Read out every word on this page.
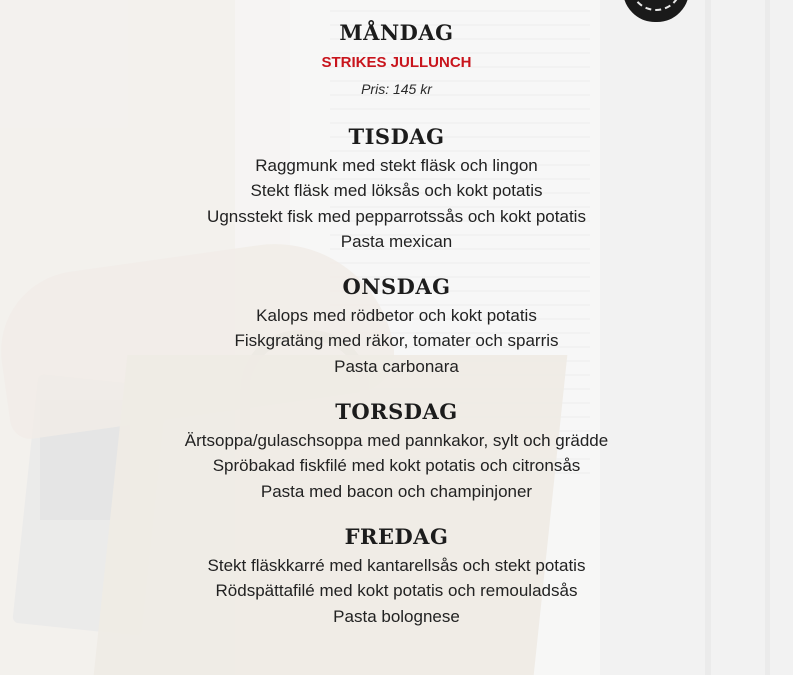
MÅNDAG
STRIKES JULLUNCH
Pris: 145 kr
TISDAG
Raggmunk med stekt fläsk och lingon
Stekt fläsk med löksås och kokt potatis
Ugnsstekt fisk med pepparrotssås och kokt potatis
Pasta mexican
ONSDAG
Kalops med rödbetor och kokt potatis
Fiskgratäng med räkor, tomater och sparris
Pasta carbonara
TORSDAG
Ärtsoppa/gulaschsoppa med pannkakor, sylt och grädde
Spröbakad fiskfilé med kokt potatis och citronsås
Pasta med bacon och champinjoner
FREDAG
Stekt fläskkarré med kantarellsås och stekt potatis
Rödspättafilé med kokt potatis och remouladsås
Pasta bolognese
